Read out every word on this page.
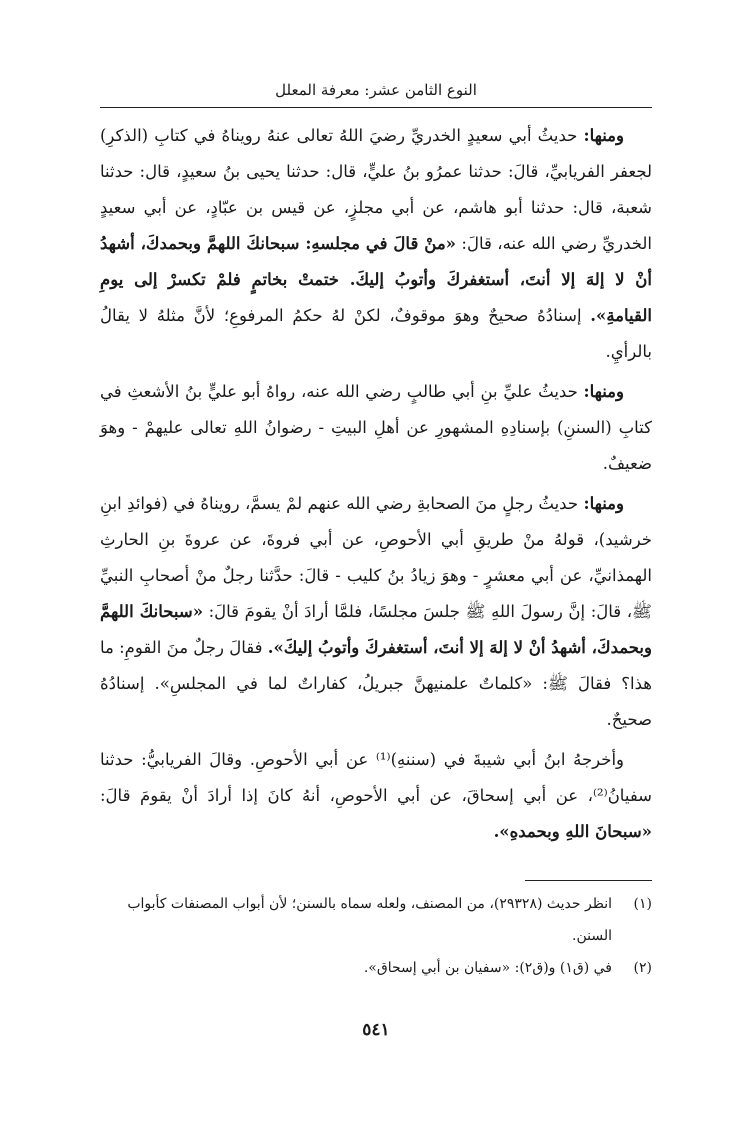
النوع الثامن عشر: معرفة المعلل

ومنها: حديثُ أبي سعيدٍ الخدريِّ رضيَ اللهُ تعالى عنهُ رويناهُ في كتابِ (الذكرِ) لجعفر الفريابيِّ، قالَ: حدثنا عمرُو بنُ عليٍّ، قال: حدثنا يحيى بنُ سعيدٍ، قال: حدثنا شعبة، قال: حدثنا أبو هاشم، عن أبي مجلزٍ، عن قيس بن عبّادٍ، عن أبي سعيدٍ الخدريِّ رضي الله عنه، قالَ: «منْ قالَ في مجلسهِ: سبحانكَ اللهمَّ وبحمدكَ، أشهدُ أنْ لا إلهَ إلا أنتَ، أستغفركَ وأتوبُ إليكَ. ختمتْ بخاتمٍ فلمْ تكسرْ إلى يومِ القيامةِ». إسنادُهُ صحيحٌ وهوَ موقوفٌ، لكنْ لهُ حكمُ المرفوعِ؛ لأنَّ مثلهُ لا يقالُ بالرأيِ.

ومنها: حديثُ عليِّ بنِ أبي طالبٍ رضي الله عنه، رواهُ أبو عليٍّ بنُ الأشعثِ في كتابِ (السننِ) بإسنادِهِ المشهورِ عن أهلِ البيتِ - رضوانُ اللهِ تعالى عليهمْ - وهوَ ضعيفٌ.

ومنها: حديثُ رجلٍ منَ الصحابةِ رضي الله عنهم لمْ يسمَّ، رويناهُ في (فوائدِ ابنِ خرشيد)، قولهُ منْ طريقِ أبي الأحوصِ، عن أبي فروةَ، عن عروةَ بنِ الحارثِ الهمذانيِّ، عن أبي معشرٍ - وهوَ زيادُ بنُ كليب - قالَ: حدَّثنا رجلٌ منْ أصحابِ النبيِّ ﷺ، قالَ: إنَّ رسولَ اللهِ ﷺ جلسَ مجلسًا، فلمَّا أرادَ أنْ يقومَ قالَ: «سبحانكَ اللهمَّ وبحمدكَ، أشهدُ أنْ لا إلهَ إلا أنتَ، أستغفركَ وأتوبُ إليكَ». فقالَ رجلٌ منَ القومِ: ما هذا؟ فقالَ ﷺ: «كلماتٌ علمنيهنَّ جبريلُ، كفاراتٌ لما في المجلسِ». إسنادُهُ صحيحٌ.

وأخرجهُ ابنُ أبي شيبةَ في (سننهِ)⁽¹⁾ عن أبي الأحوصِ. وقالَ الفريابيُّ: حدثنا سفيانُ⁽²⁾، عن أبي إسحاقَ، عن أبي الأحوصِ، أنهُ كانَ إذا أرادَ أنْ يقومَ قالَ: «سبحانَ اللهِ وبحمدهِ».

(١)
انظر حديث (٢٩٣٢٨)، من المصنف، ولعله سماه بالسنن؛ لأن أبواب المصنفات كأبواب السنن.
(٢)
في (ق١) و(ق٢): «سفيان بن أبي إسحاق».
٥٤١
